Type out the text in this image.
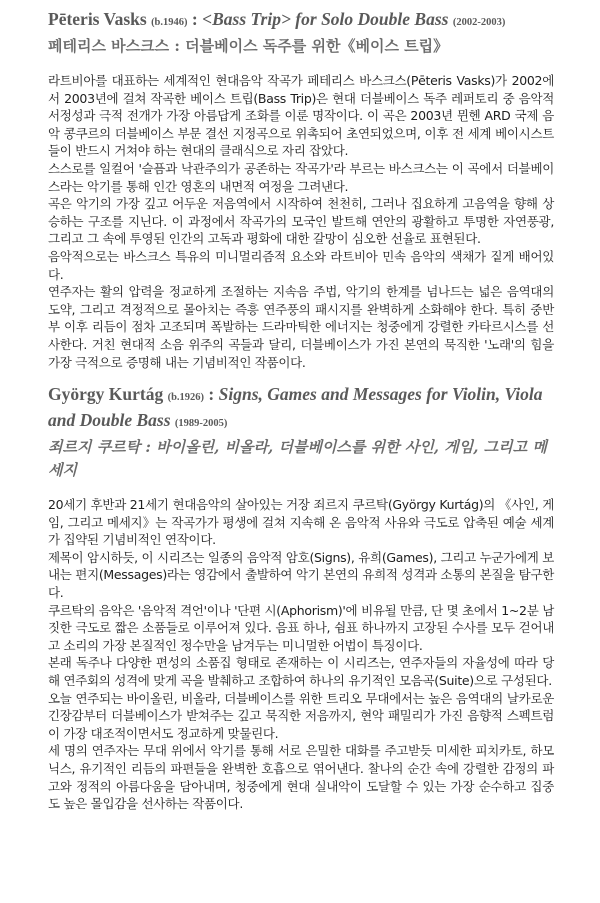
Pēteris Vasks (b.1946) : <Bass Trip> for Solo Double Bass (2002-2003)
페테리스 바스크스 : 더블베이스 독주를 위한《베이스 트립》

라트비아를 대표하는 세계적인 현대음악 작곡가 페테리스 바스크스(Pēteris Vasks)가 2002에서 2003년에 걸쳐 작곡한 베이스 트립(Bass Trip)은 현대 더블베이스 독주 레퍼토리 중 음악적 서정성과 극적 전개가 가장 아름답게 조화를 이룬 명작이다. 이 곡은 2003년 뮌헨 ARD 국제 음악 콩쿠르의 더블베이스 부문 결선 지정곡으로 위촉되어 초연되었으며, 이후 전 세계 베이시스트들이 반드시 거쳐야 하는 현대의 클래식으로 자리 잡았다.

스스로를 일컬어 '슬픔과 낙관주의가 공존하는 작곡가'라 부르는 바스크스는 이 곡에서 더블베이스라는 악기를 통해 인간 영혼의 내면적 여정을 그려낸다.

곡은 악기의 가장 깊고 어두운 저음역에서 시작하여 천천히, 그러나 집요하게 고음역을 향해 상승하는 구조를 지닌다. 이 과정에서 작곡가의 모국인 발트해 연안의 광활하고 투명한 자연풍광, 그리고 그 속에 투영된 인간의 고독과 평화에 대한 갈망이 심오한 선율로 표현된다.

음악적으로는 바스크스 특유의 미니멀리즘적 요소와 라트비아 민속 음악의 색채가 짙게 배어있다.

연주자는 활의 압력을 정교하게 조절하는 지속음 주법, 악기의 한계를 넘나드는 넓은 음역대의 도약, 그리고 격정적으로 몰아치는 즉흥 연주풍의 패시지를 완벽하게 소화해야 한다. 특히 중반부 이후 리듬이 점차 고조되며 폭발하는 드라마틱한 에너지는 청중에게 강렬한 카타르시스를 선사한다. 거친 현대적 소음 위주의 곡들과 달리, 더블베이스가 가진 본연의 묵직한 '노래'의 힘을 가장 극적으로 증명해 내는 기념비적인 작품이다.

György Kurtág (b.1926) : Signs, Games and Messages for Violin, Viola and Double Bass (1989-2005)
죄르지 쿠르탁 : 바이올린, 비올라, 더블베이스를 위한 사인, 게임, 그리고 메세지

20세기 후반과 21세기 현대음악의 살아있는 거장 죄르지 쿠르탁(György Kurtág)의 《사인, 게임, 그리고 메세지》는 작곡가가 평생에 걸쳐 지속해 온 음악적 사유와 극도로 압축된 예술 세계가 집약된 기념비적인 연작이다.

제목이 암시하듯, 이 시리즈는 일종의 음악적 암호(Signs), 유희(Games), 그리고 누군가에게 보내는 편지(Messages)라는 영감에서 출발하여 악기 본연의 유희적 성격과 소통의 본질을 탐구한다.

쿠르탁의 음악은 '음악적 격언'이나 '단편 시(Aphorism)'에 비유될 만큼, 단 몇 초에서 1~2분 남짓한 극도로 짧은 소품들로 이루어져 있다. 음표 하나, 쉼표 하나까지 고장된 수사를 모두 걷어내고 소리의 가장 본질적인 정수만을 남겨두는 미니멀한 어법이 특징이다.

본래 독주나 다양한 편성의 소품집 형태로 존재하는 이 시리즈는, 연주자들의 자율성에 따라 당해 연주회의 성격에 맞게 곡을 발췌하고 조합하여 하나의 유기적인 모음곡(Suite)으로 구성된다.

오늘 연주되는 바이올린, 비올라, 더블베이스를 위한 트리오 무대에서는 높은 음역대의 날카로운 긴장감부터 더블베이스가 받쳐주는 깊고 묵직한 저음까지, 현악 패밀리가 가진 음향적 스펙트럼이 가장 대조적이면서도 정교하게 맞물린다.

세 명의 연주자는 무대 위에서 악기를 통해 서로 은밀한 대화를 주고받듯 미세한 피치카토, 하모닉스, 유기적인 리듬의 파편들을 완벽한 호흡으로 엮어낸다. 찰나의 순간 속에 강렬한 감정의 파고와 정적의 아름다움을 담아내며, 청중에게 현대 실내악이 도달할 수 있는 가장 순수하고 집중도 높은 몰입감을 선사하는 작품이다.
